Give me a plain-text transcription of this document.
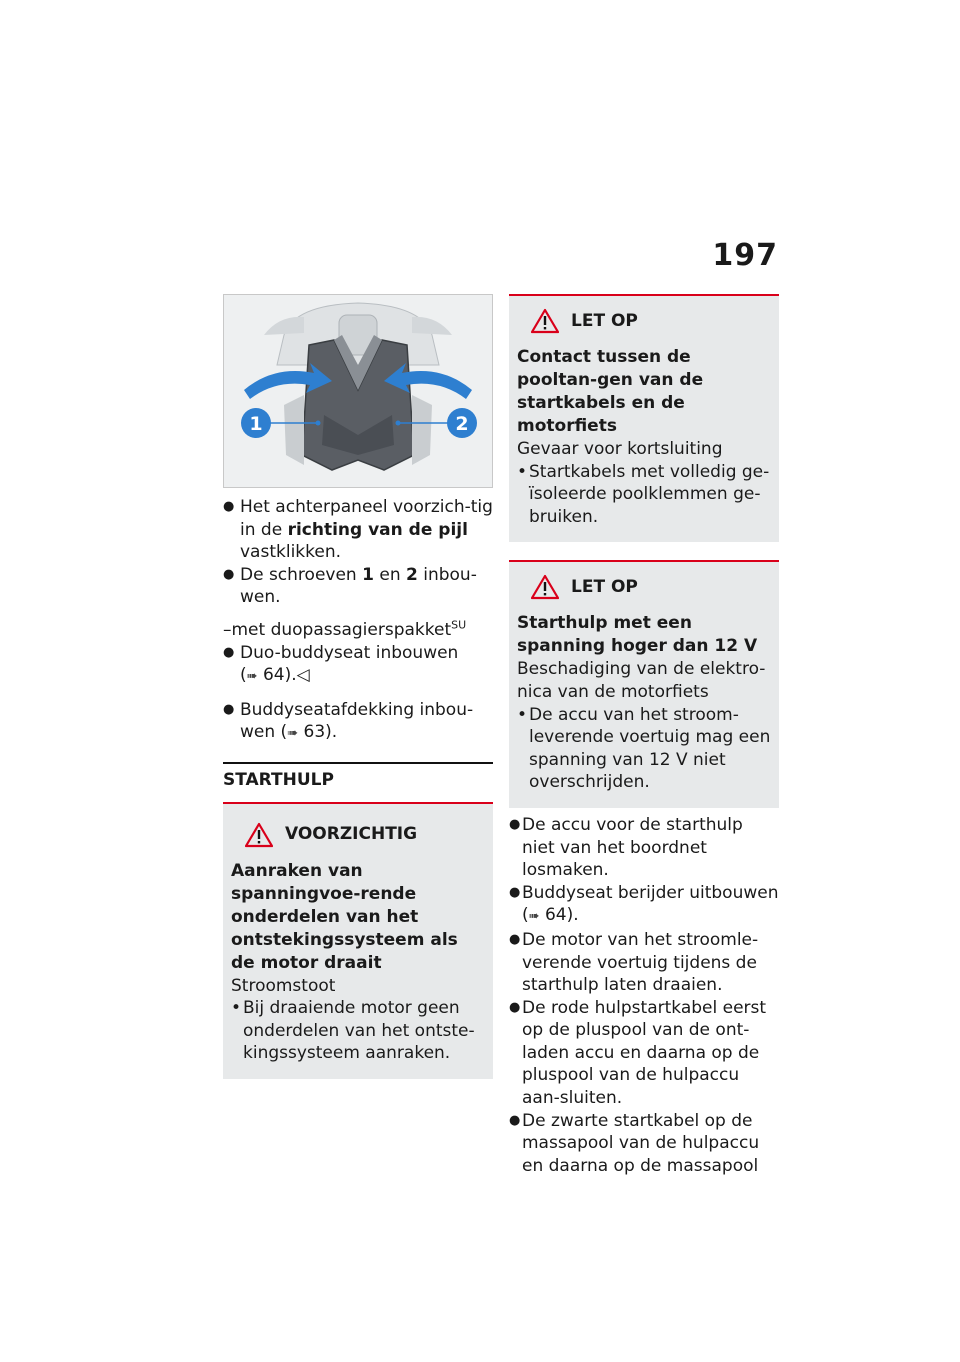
197
1	2
● Het achterpaneel voorzich-tig in de richting van de pijl vastklikken.
● De schroeven 1 en 2 inbou-wen.
–met duopassagierspakket$^{SU}$
● Duo-buddyseat inbouwen
(➠ 64).◁
● Buddyseatafdekking inbou-wen (➠ 63).
STARTHULP
VOORZICHTIG
Aanraken van spanningvoe-rende onderdelen van het ontstekingssysteem als de motor draait
Stroomstoot
• Bij draaiende motor geen onderdelen van het ontste-kingssysteem aanraken.
LET OP
Contact tussen de pooltan-gen van de startkabels en de motorfiets
Gevaar voor kortsluiting
• Startkabels met volledig ge-ïsoleerde poolklemmen ge-bruiken.
LET OP
Starthulp met een spanning hoger dan 12 V
Beschadiging van de elektro-nica van de motorfiets
• De accu van het stroom-leverende voertuig mag een spanning van 12 V niet overschrijden.
● De accu voor de starthulp niet van het boordnet losmaken.
● Buddyseat berijder uitbouwen
(➠ 64).
● De motor van het stroomle-verende voertuig tijdens de starthulp laten draaien.
● De rode hulpstartkabel eerst op de pluspool van de ont-laden accu en daarna op de pluspool van de hulpaccu aan-sluiten.
● De zwarte startkabel op de massapool van de hulpaccu en daarna op de massapool
